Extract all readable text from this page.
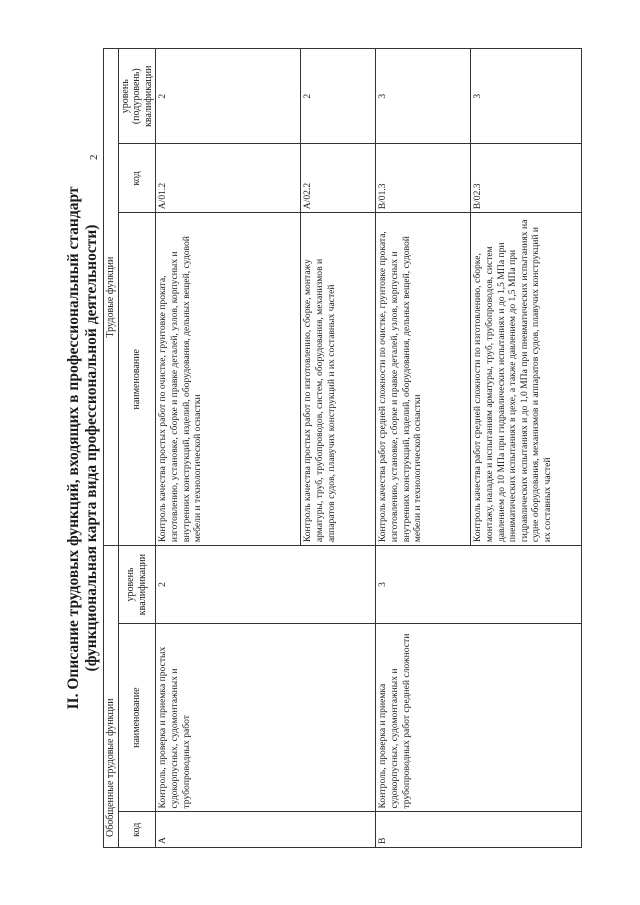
2
II. Описание трудовых функций, входящих в профессиональный стандарт (функциональная карта вида профессиональной деятельности)
Обобщенные трудовые функции			Трудовые функции		
код	наименование	уровень квалификации	наименование	код	уровень (подуровень) квалификации
A	Контроль, проверка и приемка простых судокорпусных, судомонтажных и трубопроводных работ	2	Контроль качества простых работ по очистке, грунтовке проката, изготовлению, установке, сборке и правке деталей, узлов, корпусных и внутренних конструкций, изделий, оборудования, дельных вещей, судовой мебели и технологической оснастки	A/01.2	2
			Контроль качества простых работ по изготовлению, сборке, монтажу арматуры, труб, трубопроводов, систем, оборудования, механизмов и аппаратов судов, плавучих конструкций и их составных частей	A/02.2	2
B	Контроль, проверка и приемка судокорпусных, судомонтажных и трубопроводных работ средней сложности	3	Контроль качества работ средней сложности по очистке, грунтовке проката, изготовлению, установке, сборке и правке деталей, узлов, корпусных и внутренних конструкций, изделий, оборудования, дельных вещей, судовой мебели и технологической оснастки	B/01.3	3
			Контроль качества работ средней сложности по изготовлению, сборке, монтажу, наладке и испытаниям арматуры, труб, трубопроводов, систем давлением до 10 МПа при гидравлических испытаниях и до 1,5 МПа при пневматических испытаниях в цехе, а также давлением до 1,5 МПа при гидравлических испытаниях и до 1,0 МПа при пневматических испытаниях на судне оборудования, механизмов и аппаратов судов, плавучих конструкций и их составных частей	B/02.3	3
